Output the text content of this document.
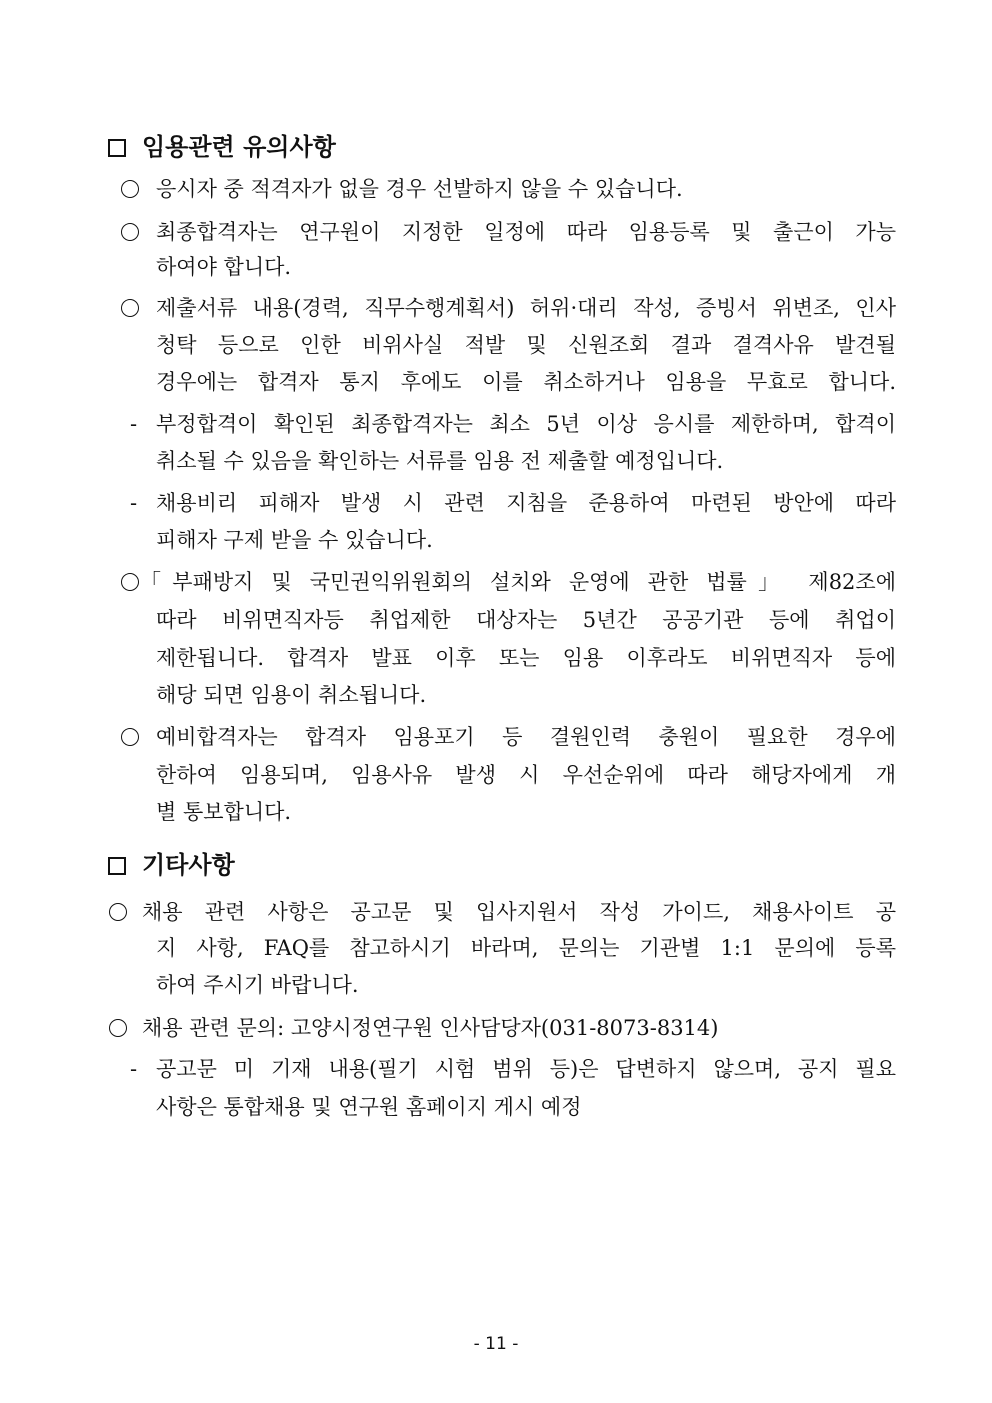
임용관련 유의사항
응시자 중 적격자가 없을 경우 선발하지 않을 수 있습니다.
최종합격자는 연구원이 지정한 일정에 따라 임용등록 및 출근이 가능
하여야 합니다.
제출서류 내용(경력, 직무수행계획서) 허위·대리 작성, 증빙서 위변조, 인사
청탁 등으로 인한 비위사실 적발 및 신원조회 결과 결격사유 발견될
경우에는 합격자 통지 후에도 이를 취소하거나 임용을 무효로 합니다.
- 부정합격이 확인된 최종합격자는 최소 5년 이상 응시를 제한하며, 합격이
취소될 수 있음을 확인하는 서류를 임용 전 제출할 예정입니다.
- 채용비리 피해자 발생 시 관련 지침을 준용하여 마련된 방안에 따라
피해자 구제 받을 수 있습니다.
「부패방지 및 국민권익위원회의 설치와 운영에 관한 법률」 제82조에
따라 비위면직자등 취업제한 대상자는 5년간 공공기관 등에 취업이
제한됩니다. 합격자 발표 이후 또는 임용 이후라도 비위면직자 등에
해당 되면 임용이 취소됩니다.
예비합격자는 합격자 임용포기 등 결원인력 충원이 필요한 경우에
한하여 임용되며, 임용사유 발생 시 우선순위에 따라 해당자에게 개
별 통보합니다.
기타사항
채용 관련 사항은 공고문 및 입사지원서 작성 가이드, 채용사이트 공
지 사항, FAQ를 참고하시기 바라며, 문의는 기관별 1:1 문의에 등록
하여 주시기 바랍니다.
채용 관련 문의: 고양시정연구원 인사담당자(031-8073-8314)
- 공고문 미 기재 내용(필기 시험 범위 등)은 답변하지 않으며, 공지 필요
사항은 통합채용 및 연구원 홈페이지 게시 예정
- 11 -
